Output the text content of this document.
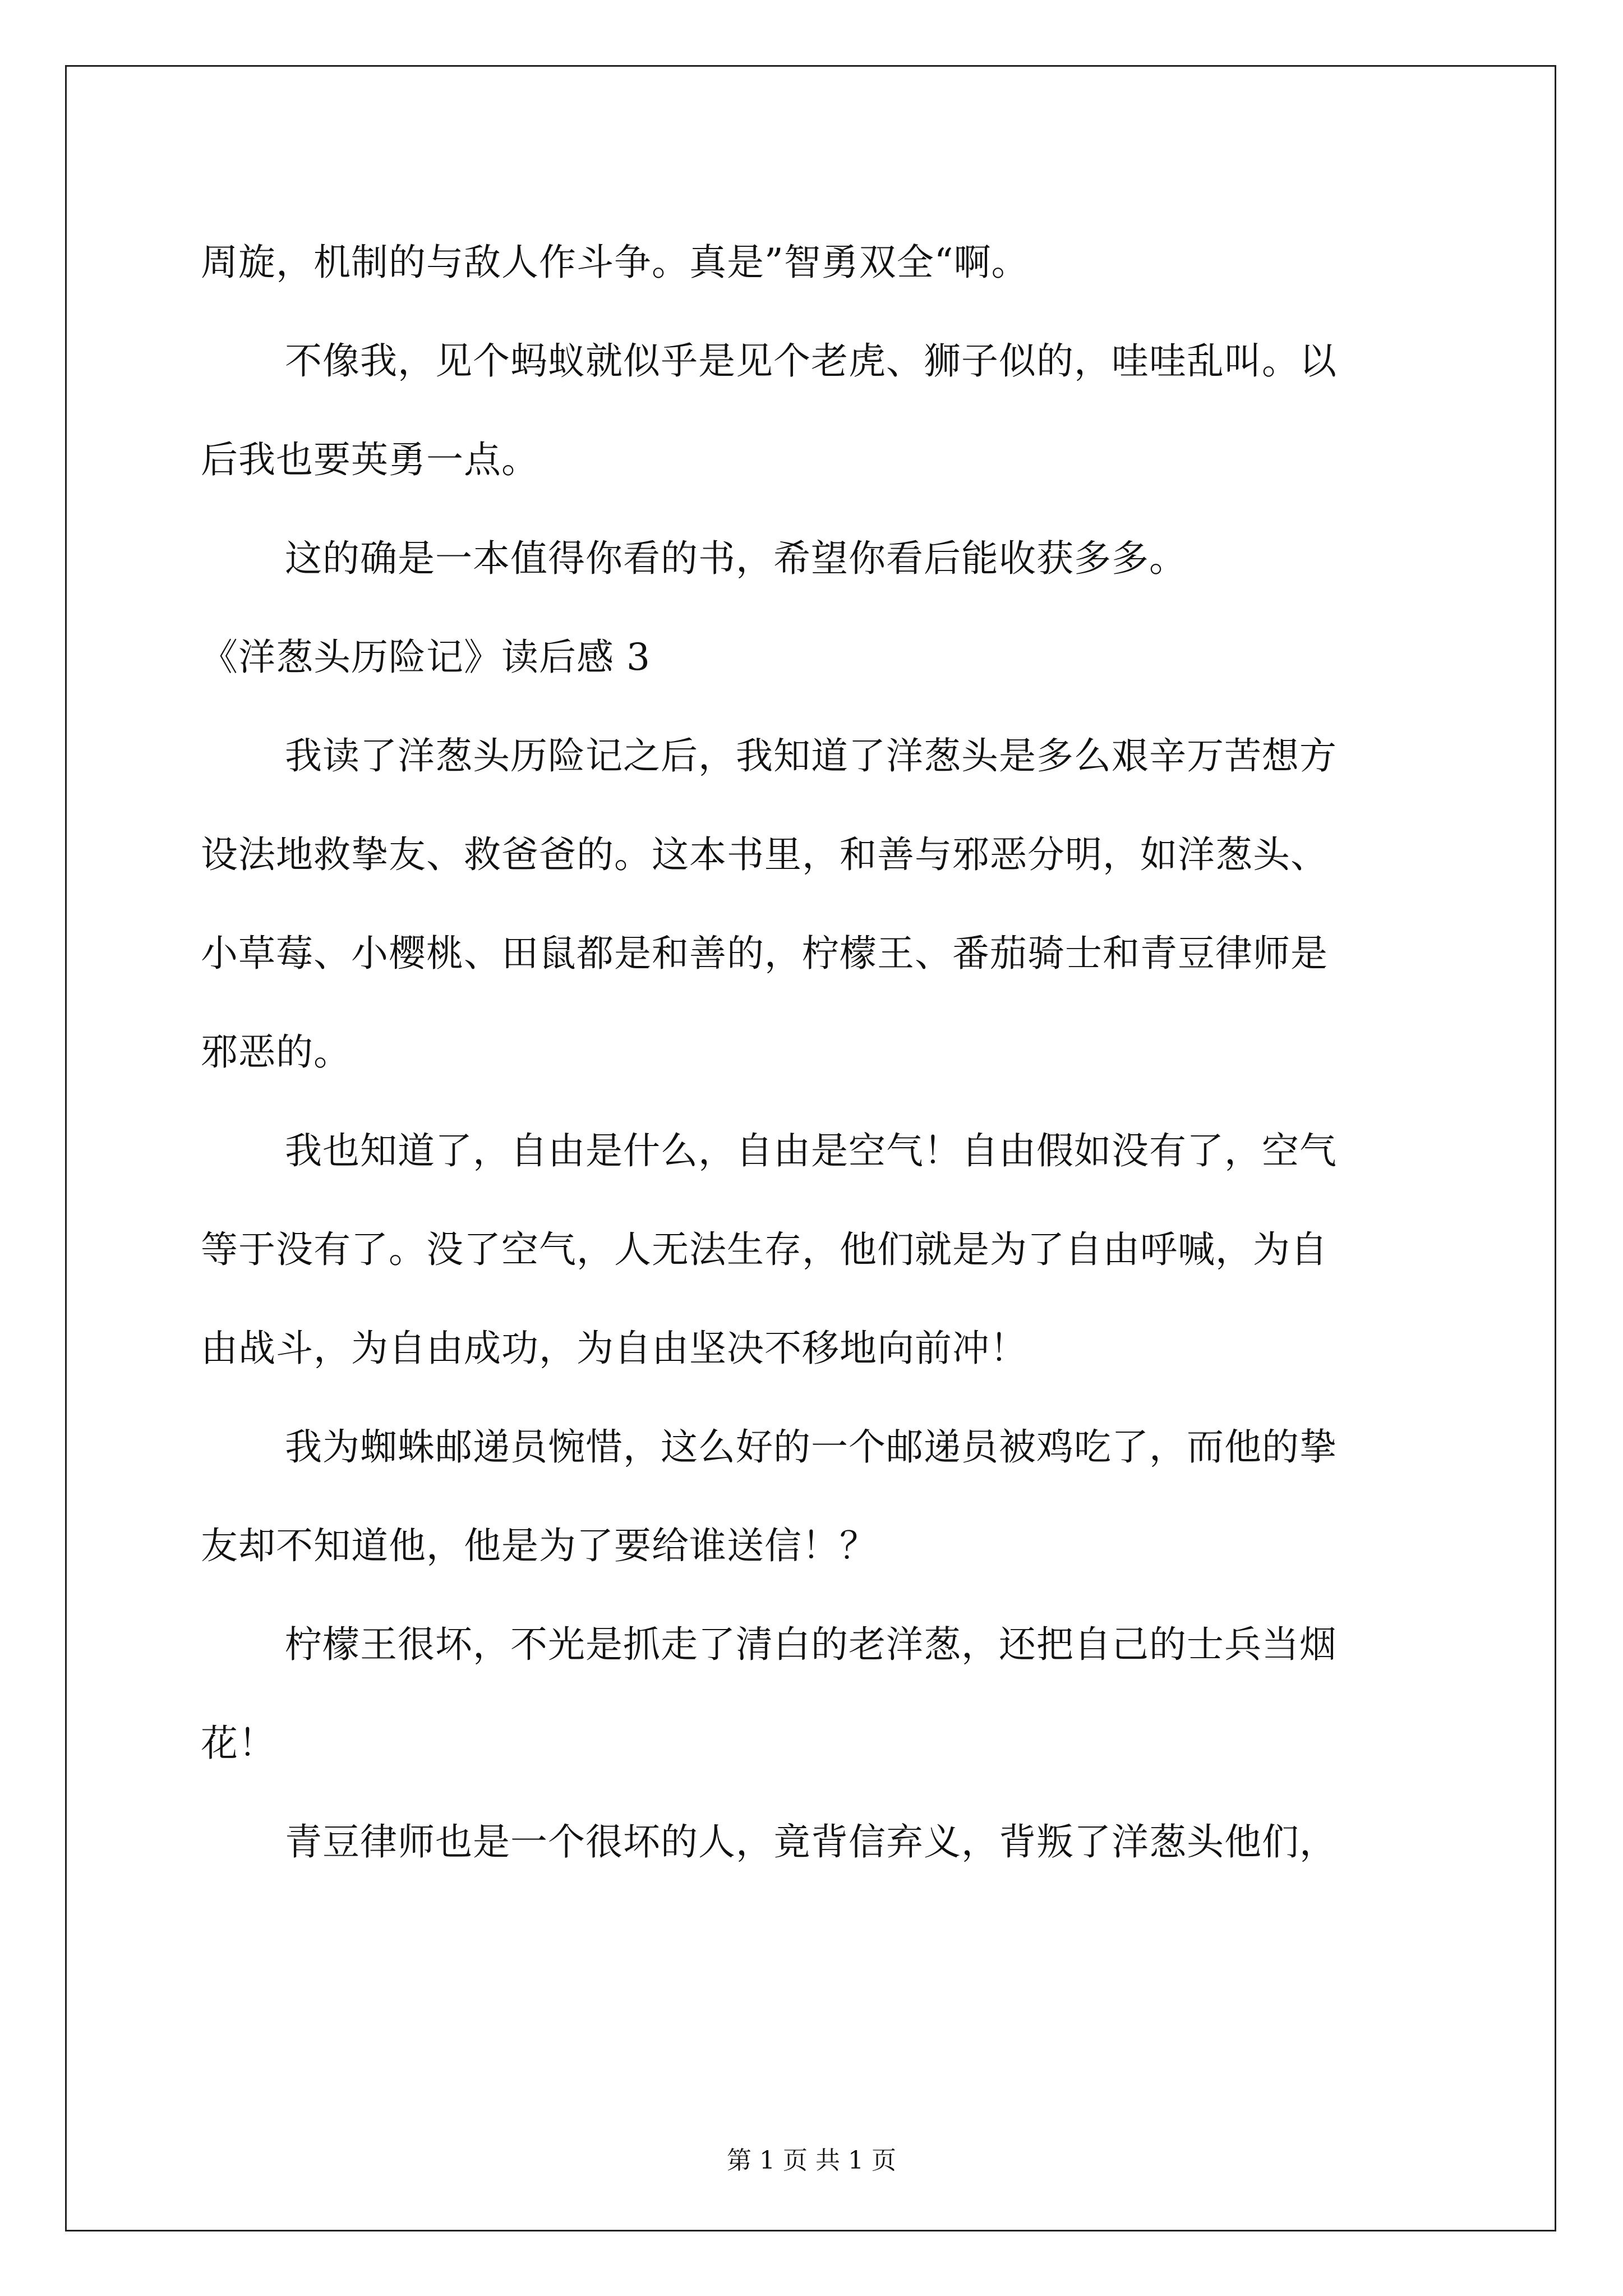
周旋，机制的与敌人作斗争。真是”智勇双全“啊。
不像我，见个蚂蚁就似乎是见个老虎、狮子似的，哇哇乱叫。以
后我也要英勇一点。
这的确是一本值得你看的书，希望你看后能收获多多。
《洋葱头历险记》读后感 3
我读了洋葱头历险记之后，我知道了洋葱头是多么艰辛万苦想方
设法地救挚友、救爸爸的。这本书里，和善与邪恶分明，如洋葱头、
小草莓、小樱桃、田鼠都是和善的，柠檬王、番茄骑士和青豆律师是
邪恶的。
我也知道了，自由是什么，自由是空气！自由假如没有了，空气
等于没有了。没了空气，人无法生存，他们就是为了自由呼喊，为自
由战斗，为自由成功，为自由坚决不移地向前冲！
我为蜘蛛邮递员惋惜，这么好的一个邮递员被鸡吃了，而他的挚
友却不知道他，他是为了要给谁送信！？
柠檬王很坏，不光是抓走了清白的老洋葱，还把自己的士兵当烟
花！
青豆律师也是一个很坏的人，竟背信弃义，背叛了洋葱头他们，
第 1 页 共 1 页
